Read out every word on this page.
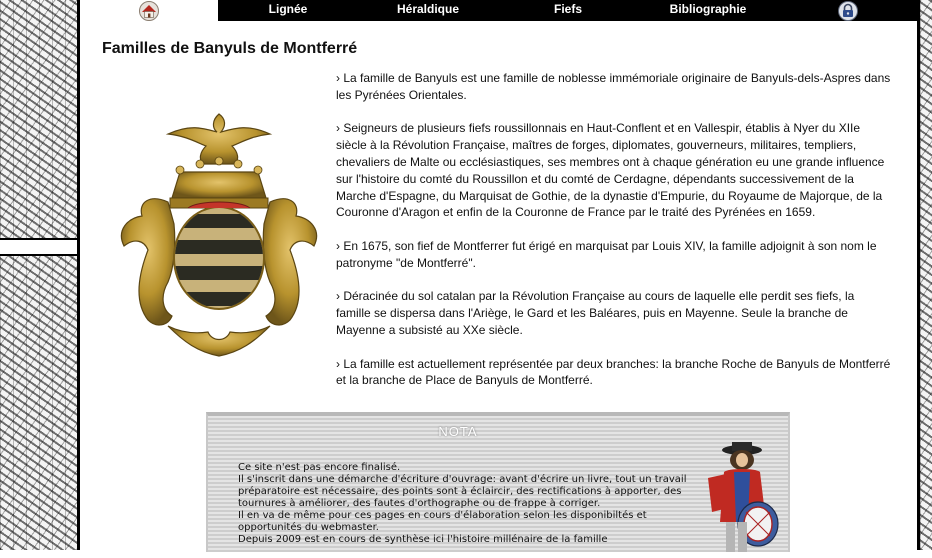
Lignée	Héraldique	Fiefs	Bibliographie
Familles de Banyuls de Montferré

› La famille de Banyuls est une famille de noblesse immémoriale originaire de Banyuls-dels-Aspres dans les Pyrénées Orientales.

› Seigneurs de plusieurs fiefs roussillonnais en Haut-Conflent et en Vallespir, établis à Nyer du XIIe siècle à la Révolution Française, maîtres de forges, diplomates, gouverneurs, militaires, templiers, chevaliers de Malte ou ecclésiastiques, ses membres ont à chaque génération eu une grande influence sur l'histoire du comté du Roussillon et du comté de Cerdagne, dépendants successivement de la Marche d'Espagne, du Marquisat de Gothie, de la dynastie d'Empurie, du Royaume de Majorque, de la Couronne d'Aragon et enfin de la Couronne de France par le traité des Pyrénées en 1659.

› En 1675, son fief de Montferrer fut érigé en marquisat par Louis XIV, la famille adjoignit à son nom le patronyme "de Montferré".

› Déracinée du sol catalan par la Révolution Française au cours de laquelle elle perdit ses fiefs, la famille se dispersa dans l'Ariège, le Gard et les Baléares, puis en Mayenne. Seule la branche de Mayenne a subsisté au XXe siècle.

› La famille est actuellement représentée par deux branches: la branche Roche de Banyuls de Montferré et la branche de Place de Banyuls de Montferré.

NOTA
Ce site n'est pas encore finalisé.
Il s'inscrit dans une démarche d'écriture d'ouvrage: avant d'écrire un livre, tout un travail préparatoire est nécessaire, des points sont à éclaircir, des rectifications à apporter, des tournures à améliorer, des fautes d'orthographe ou de frappe à corriger.
Il en va de même pour ces pages en cours d'élaboration selon les disponibiltés et opportunités du webmaster.
Depuis 2009 est en cours de synthèse ici l'histoire millénaire de la famille
